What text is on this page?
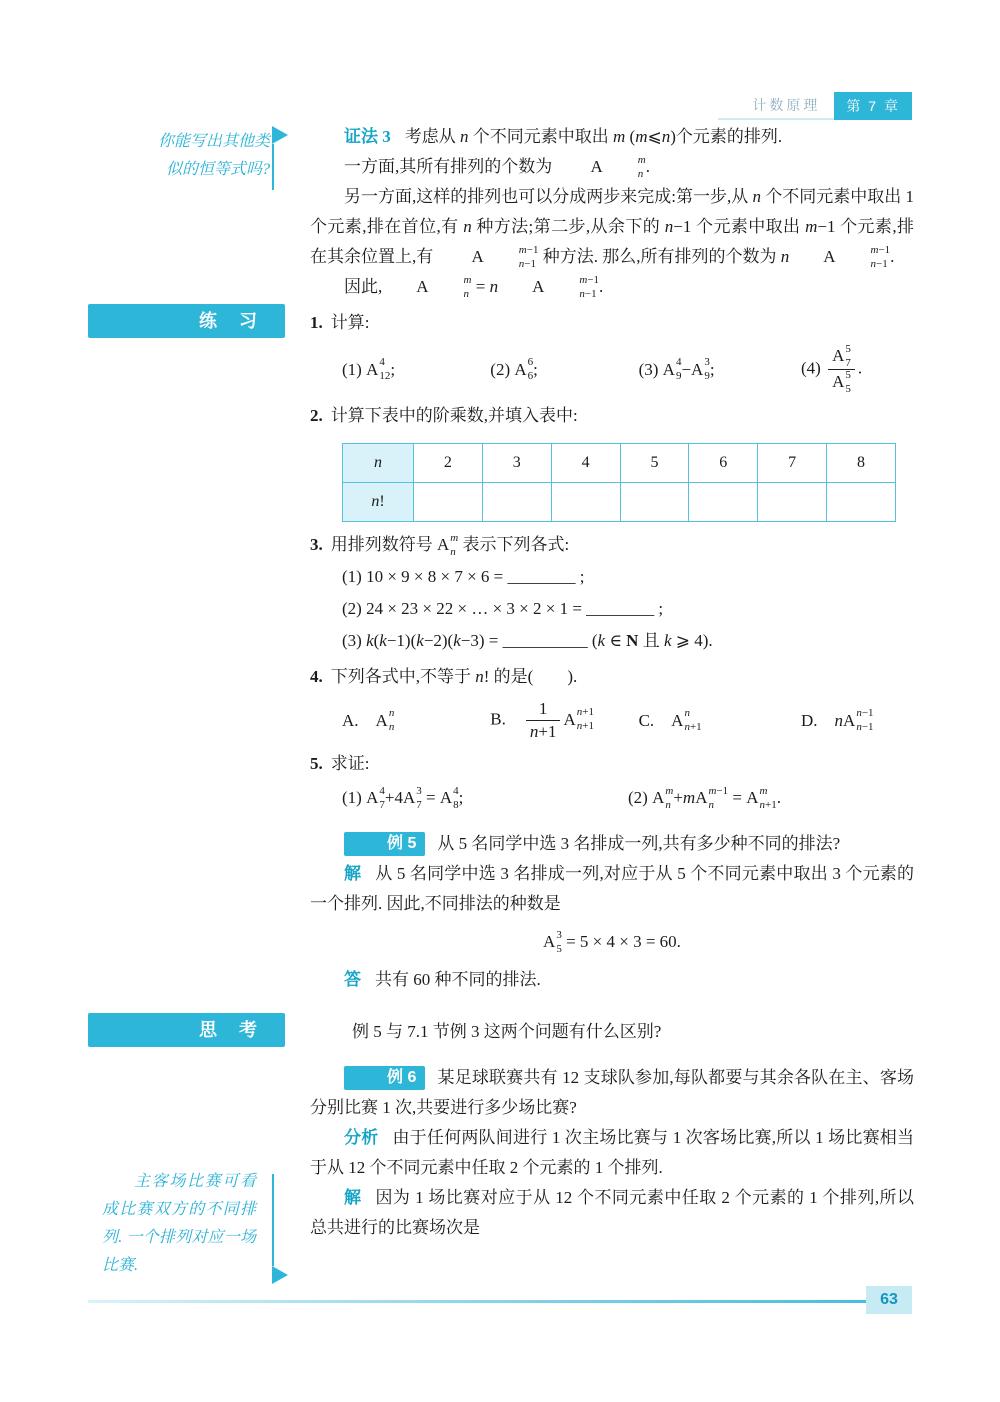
计数原理	第 7 章
你能写出其他类似的恒等式吗?
主客场比赛可看成比赛双方的不同排列. 一个排列对应一场比赛.

证法 3 考虑从 n 个不同元素中取出 m (m⩽n)个元素的排列.

一方面,其所有排列的个数为	A	m
n .

另一方面,这样的排列也可以分成两步来完成:第一步,从 n 个不同元素中取出 1 个元素,排在首位,有 n 种方法;第二步,从余下的 n−1 个元素中取出 m−1 个元素,排在其余位置上,有	A	m−1
n−1 种方法. 那么,所有排列的个数为 n	A	m−1
n−1 .

因此,	A	m
n = n	A	m−1
n−1 .

练　习	1. 计算:
(1) A 4
12 ;	(2) A 6
6 ;	(3) A 4
9 − A 3
9 ;	(4) A 5
7
A 5
5 .
2. 计算下表中的阶乘数,并填入表中:
n	2	3	4	5	6	7	8
n!							
3. 用排列数符号 A m
n 表示下列各式:
(1) 10 × 9 × 8 × 7 × 6 = ________ ;
(2) 24 × 23 × 22 × … × 3 × 2 × 1 = ________ ;
(3) k(k−1)(k−2)(k−3) = __________ (k ∈ N 且 k ⩾ 4).
4. 下列各式中,不等于 n! 的是(　　).
A.　 A n
n	B.　 $\frac{1}{n+1}$ A n+1
n+1	C.　 A n
n+1	D.　n A n−1
n−1
5. 求证:
(1) A 4
7 +4 A 3
7 = A 4
8 ;	(2) A m
n +m A m−1
n = A m
n+1 .

例 5 从 5 名同学中选 3 名排成一列,共有多少种不同的排法?

解 从 5 名同学中选 3 名排成一列,对应于从 5 个不同元素中取出 3 个元素的一个排列. 因此,不同排法的种数是

A 3
5 = 5 × 4 × 3 = 60.

答 共有 60 种不同的排法.

思　考	例 5 与 7.1 节例 3 这两个问题有什么区别?

例 6 某足球联赛共有 12 支球队参加,每队都要与其余各队在主、客场分别比赛 1 次,共要进行多少场比赛?

分析 由于任何两队间进行 1 次主场比赛与 1 次客场比赛,所以 1 场比赛相当于从 12 个不同元素中任取 2 个元素的 1 个排列.

解 因为 1 场比赛对应于从 12 个不同元素中任取 2 个元素的 1 个排列,所以总共进行的比赛场次是

63
